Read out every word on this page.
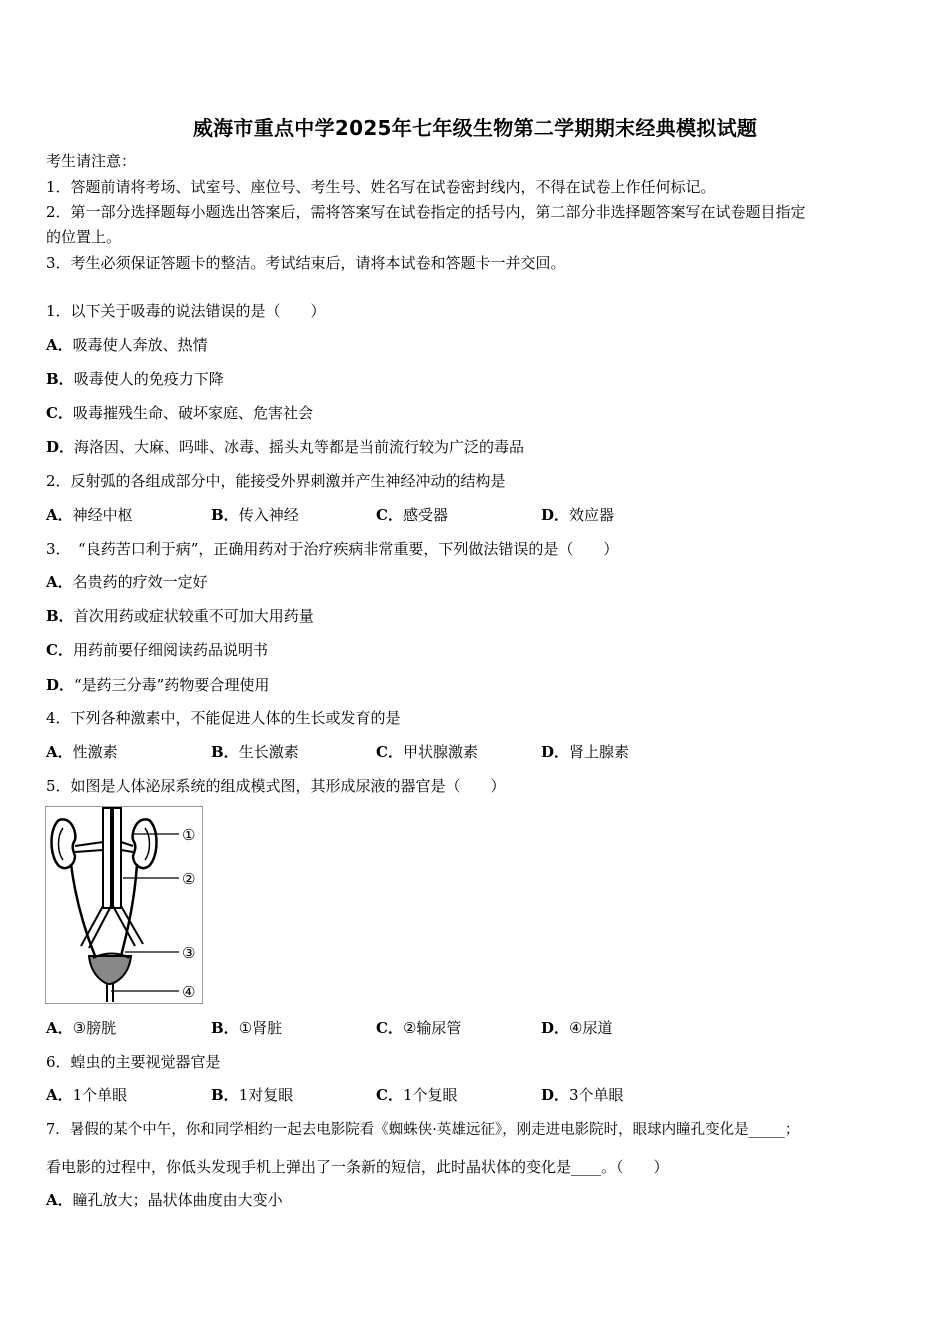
威海市重点中学2025年七年级生物第二学期期末经典模拟试题
考生请注意：
1．答题前请将考场、试室号、座位号、考生号、姓名写在试卷密封线内，不得在试卷上作任何标记。
2．第一部分选择题每小题选出答案后，需将答案写在试卷指定的括号内，第二部分非选择题答案写在试卷题目指定
的位置上。
3．考生必须保证答题卡的整洁。考试结束后，请将本试卷和答题卡一并交回。
1．以下关于吸毒的说法错误的是（　　）
A．吸毒使人奔放、热情
B．吸毒使人的免疫力下降
C．吸毒摧残生命、破坏家庭、危害社会
D．海洛因、大麻、吗啡、冰毒、摇头丸等都是当前流行较为广泛的毒品
2．反射弧的各组成部分中，能接受外界刺激并产生神经冲动的结构是
A．神经中枢	B．传入神经	C．感受器	D．效应器
3．　“良药苦口利于病”，正确用药对于治疗疾病非常重要，下列做法错误的是（　　）
A．名贵药的疗效一定好
B．首次用药或症状较重不可加大用药量
C．用药前要仔细阅读药品说明书
D．“是药三分毒”药物要合理使用
4．下列各种激素中，不能促进人体的生长或发育的是
A．性激素	B．生长激素	C．甲状腺激素	D．肾上腺素
5．如图是人体泌尿系统的组成模式图，其形成尿液的器官是（　　）
①
②
③
④
A．③膀胱	B．①肾脏	C．②输尿管	D．④尿道
6．蝗虫的主要视觉器官是
A．1个单眼	B．1对复眼	C．1个复眼	D．3个单眼
7．暑假的某个中午，你和同学相约一起去电影院看《蜘蛛侠·英雄远征》，刚走进电影院时，眼球内瞳孔变化是_____；
看电影的过程中，你低头发现手机上弹出了一条新的短信，此时晶状体的变化是____。（　　）
A．瞳孔放大；晶状体曲度由大变小
